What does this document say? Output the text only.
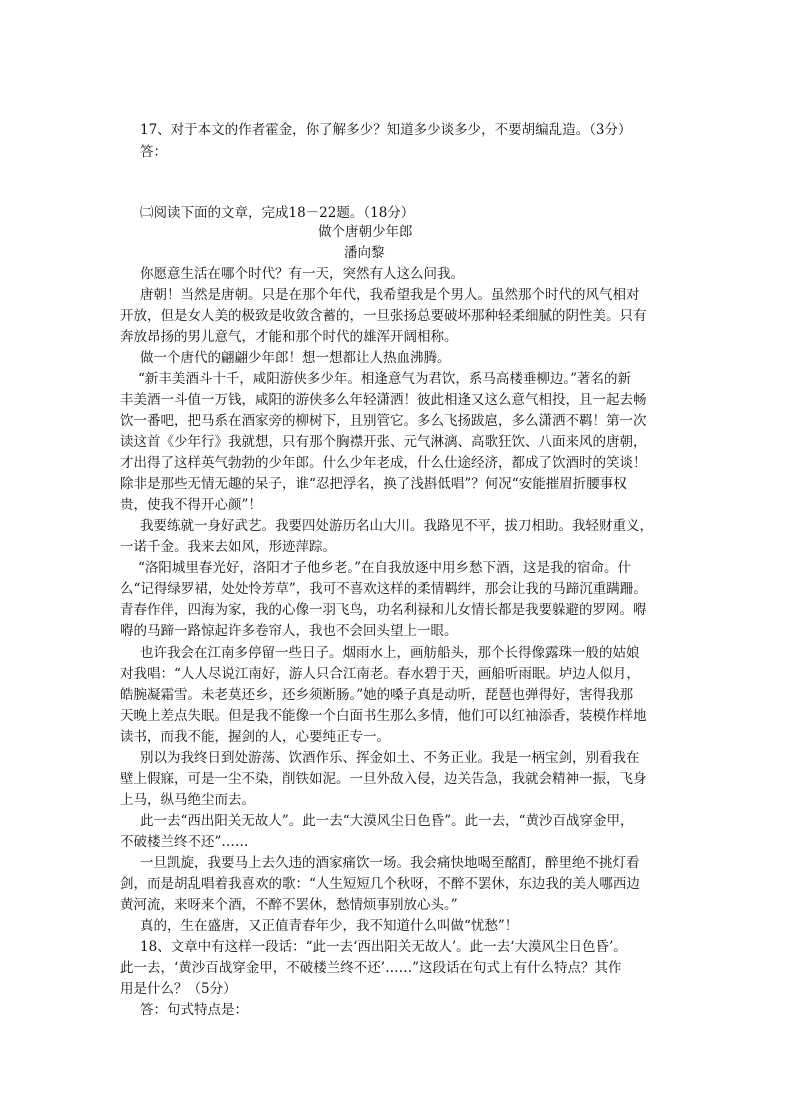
17、对于本文的作者霍金，你了解多少？知道多少谈多少，不要胡编乱造。（3分）
答：
㈡阅读下面的文章，完成18－22题。（18分）
做个唐朝少年郎
潘向黎
你愿意生活在哪个时代？有一天，突然有人这么问我。
唐朝！当然是唐朝。只是在那个年代，我希望我是个男人。虽然那个时代的风气相对
开放，但是女人美的极致是收敛含蓄的，一旦张扬总要破坏那种轻柔细腻的阴性美。只有
奔放昂扬的男儿意气，才能和那个时代的雄浑开阔相称。
做一个唐代的翩翩少年郎！想一想都让人热血沸腾。
“新丰美酒斗十千，咸阳游侠多少年。相逢意气为君饮，系马高楼垂柳边。”著名的新
丰美酒一斗值一万钱，咸阳的游侠多么年轻潇洒！彼此相逢又这么意气相投，且一起去畅
饮一番吧，把马系在酒家旁的柳树下，且别管它。多么飞扬跋扈，多么潇洒不羁！第一次
读这首《少年行》我就想，只有那个胸襟开张、元气淋漓、高歌狂饮、八面来风的唐朝，
才出得了这样英气勃勃的少年郎。什么少年老成，什么仕途经济，都成了饮酒时的笑谈！
除非是那些无情无趣的呆子，谁“忍把浮名，换了浅斟低唱”？何况“安能摧眉折腰事权
贵，使我不得开心颜”！
我要练就一身好武艺。我要四处游历名山大川。我路见不平，拔刀相助。我轻财重义，
一诺千金。我来去如风，形迹萍踪。
“洛阳城里春光好，洛阳才子他乡老。”在自我放逐中用乡愁下酒，这是我的宿命。什
么“记得绿罗裙，处处怜芳草”，我可不喜欢这样的柔情羁绊，那会让我的马蹄沉重蹒跚。
青春作伴，四海为家，我的心像一羽飞鸟，功名利禄和儿女情长都是我要躲避的罗网。嘚
嘚的马蹄一路惊起许多卷帘人，我也不会回头望上一眼。
也许我会在江南多停留一些日子。烟雨水上，画舫船头，那个长得像露珠一般的姑娘
对我唱：“人人尽说江南好，游人只合江南老。春水碧于天，画船听雨眠。垆边人似月，
皓腕凝霜雪。未老莫还乡，还乡须断肠。”她的嗓子真是动听，琵琶也弹得好，害得我那
天晚上差点失眠。但是我不能像一个白面书生那么多情，他们可以红袖添香，装模作样地
读书，而我不能，握剑的人，心要纯正专一。
别以为我终日到处游荡、饮酒作乐、挥金如土、不务正业。我是一柄宝剑，别看我在
壁上假寐，可是一尘不染，削铁如泥。一旦外敌入侵，边关告急，我就会精神一振，飞身
上马，纵马绝尘而去。
此一去“西出阳关无故人”。此一去“大漠风尘日色昏”。此一去，“黄沙百战穿金甲，
不破楼兰终不还”……
一旦凯旋，我要马上去久违的酒家痛饮一场。我会痛快地喝至酩酊，醉里绝不挑灯看
剑，而是胡乱唱着我喜欢的歌：“人生短短几个秋呀，不醉不罢休，东边我的美人哪西边
黄河流，来呀来个酒，不醉不罢休，愁情烦事别放心头。”
真的，生在盛唐，又正值青春年少，我不知道什么叫做“忧愁”！
18、文章中有这样一段话：“此一去‘西出阳关无故人’。此一去‘大漠风尘日色昏’。
此一去，‘黄沙百战穿金甲，不破楼兰终不还’……”这段话在句式上有什么特点？其作
用是什么？（5分）
答：句式特点是：
